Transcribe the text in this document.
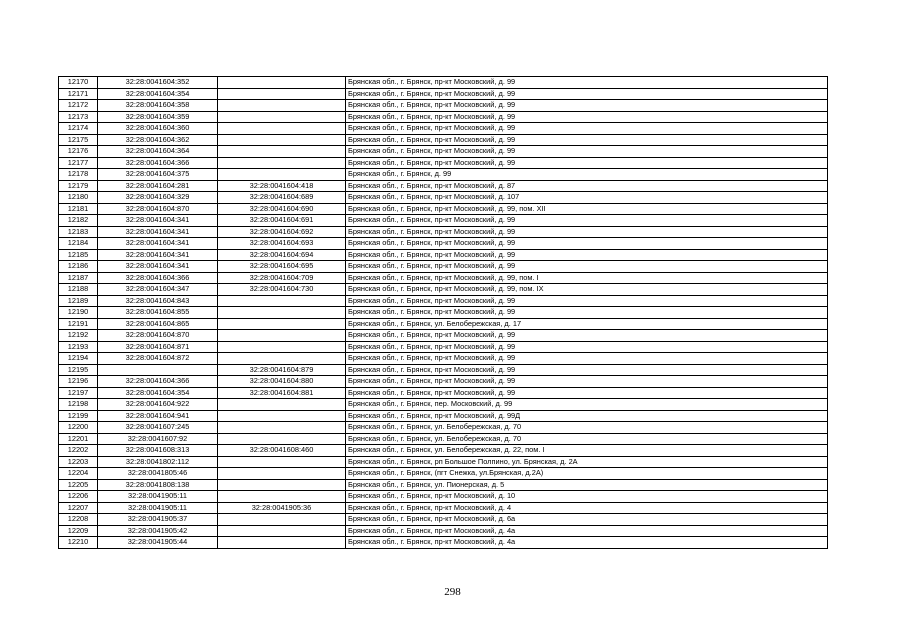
12170	32:28:0041604:352		Брянская обл., г. Брянск, пр-кт Московский, д. 99
12171	32:28:0041604:354		Брянская обл., г. Брянск, пр-кт Московский, д. 99
12172	32:28:0041604:358		Брянская обл., г. Брянск, пр-кт Московский, д. 99
12173	32:28:0041604:359		Брянская обл., г. Брянск, пр-кт Московский, д. 99
12174	32:28:0041604:360		Брянская обл., г. Брянск, пр-кт Московский, д. 99
12175	32:28:0041604:362		Брянская обл., г. Брянск, пр-кт Московский, д. 99
12176	32:28:0041604:364		Брянская обл., г. Брянск, пр-кт Московский, д. 99
12177	32:28:0041604:366		Брянская обл., г. Брянск, пр-кт Московский, д. 99
12178	32:28:0041604:375		Брянская обл., г. Брянск, д. 99
12179	32:28:0041604:281	32:28:0041604:418	Брянская обл., г. Брянск, пр-кт Московский, д. 87
12180	32:28:0041604:329	32:28:0041604:689	Брянская обл., г. Брянск, пр-кт Московский, д. 107
12181	32:28:0041604:870	32:28:0041604:690	Брянская обл., г. Брянск, пр-кт Московский, д. 99, пом. XII
12182	32:28:0041604:341	32:28:0041604:691	Брянская обл., г. Брянск, пр-кт Московский, д. 99
12183	32:28:0041604:341	32:28:0041604:692	Брянская обл., г. Брянск, пр-кт Московский, д. 99
12184	32:28:0041604:341	32:28:0041604:693	Брянская обл., г. Брянск, пр-кт Московский, д. 99
12185	32:28:0041604:341	32:28:0041604:694	Брянская обл., г. Брянск, пр-кт Московский, д. 99
12186	32:28:0041604:341	32:28:0041604:695	Брянская обл., г. Брянск, пр-кт Московский, д. 99
12187	32:28:0041604:366	32:28:0041604:709	Брянская обл., г. Брянск, пр-кт Московский, д. 99, пом. I
12188	32:28:0041604:347	32:28:0041604:730	Брянская обл., г. Брянск, пр-кт Московский, д. 99, пом. IX
12189	32:28:0041604:843		Брянская обл., г. Брянск, пр-кт Московский, д. 99
12190	32:28:0041604:855		Брянская обл., г. Брянск, пр-кт Московский, д. 99
12191	32:28:0041604:865		Брянская обл., г. Брянск, ул. Белобережская, д. 17
12192	32:28:0041604:870		Брянская обл., г. Брянск, пр-кт Московский, д. 99
12193	32:28:0041604:871		Брянская обл., г. Брянск, пр-кт Московский, д. 99
12194	32:28:0041604:872		Брянская обл., г. Брянск, пр-кт Московский, д. 99
12195		32:28:0041604:879	Брянская обл., г. Брянск, пр-кт Московский, д. 99
12196	32:28:0041604:366	32:28:0041604:880	Брянская обл., г. Брянск, пр-кт Московский, д. 99
12197	32:28:0041604:354	32:28:0041604:881	Брянская обл., г. Брянск, пр-кт Московский, д. 99
12198	32:28:0041604:922		Брянская обл., г. Брянск, пер. Московский, д. 99
12199	32:28:0041604:941		Брянская обл., г. Брянск, пр-кт Московский, д. 99Д
12200	32:28:0041607:245		Брянская обл., г. Брянск, ул. Белобережская, д. 70
12201	32:28:0041607:92		Брянская обл., г. Брянск, ул. Белобережская, д. 70
12202	32:28:0041608:313	32:28:0041608:460	Брянская обл., г. Брянск, ул. Белобережская, д. 22, пом. I
12203	32:28:0041802:112		Брянская обл., г. Брянск, рп Большое Полпино, ул. Брянская, д. 2А
12204	32:28:0041805:46		Брянская обл., г. Брянск, (пгт Снежка, ул.Брянская, д.2А)
12205	32:28:0041808:138		Брянская обл., г. Брянск, ул. Пионерская, д. 5
12206	32:28:0041905:11		Брянская обл., г. Брянск, пр-кт Московский, д. 10
12207	32:28:0041905:11	32:28:0041905:36	Брянская обл., г. Брянск, пр-кт Московский, д. 4
12208	32:28:0041905:37		Брянская обл., г. Брянск, пр-кт Московский, д. 6а
12209	32:28:0041905:42		Брянская обл., г. Брянск, пр-кт Московский, д. 4а
12210	32:28:0041905:44		Брянская обл., г. Брянск, пр-кт Московский, д. 4а
298
